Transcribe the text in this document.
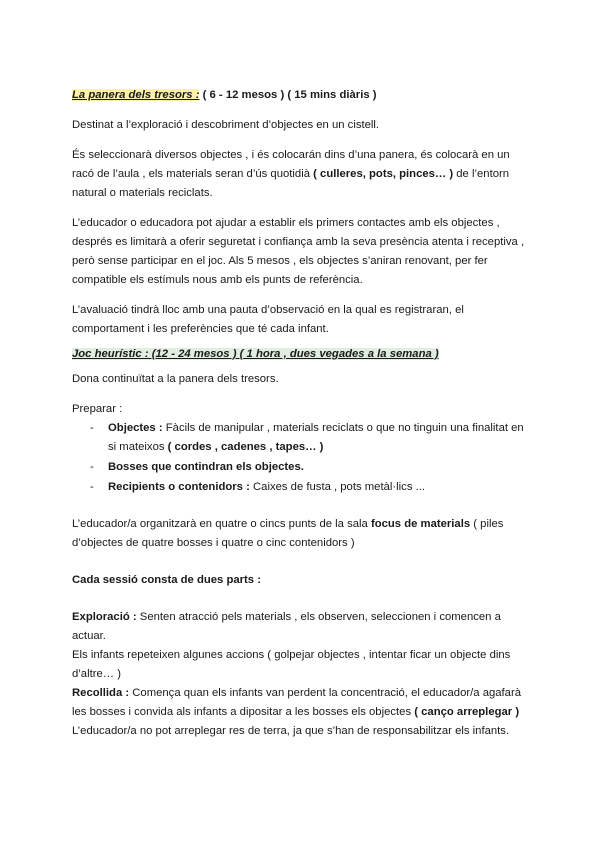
La panera dels tresors : ( 6 - 12 mesos ) ( 15 mins diàris )

Destinat a l’exploració i descobriment d’objectes en un cistell.

És seleccionarà diversos objectes , i és colocarán dins d’una panera, és colocarà en un racó de l’aula , els materials seran d’ús quotidià ( culleres, pots, pinces… ) de l’entorn natural o materials reciclats.

L’educador o educadora pot ajudar a establir els primers contactes amb els objectes , després es limitarà a oferir seguretat i confiança amb la seva presència atenta i receptiva , però sense participar en el joc. Als 5 mesos , els objectes s’aniran renovant, per fer compatible els estímuls nous amb els punts de referència.

L’avaluació tindrà lloc amb una pauta d’observació en la qual es registraran, el comportament i les preferències que té cada infant.

Joc heurístic : (12 - 24 mesos ) ( 1 hora , dues vegades a la semana )

Dona continuïtat a la panera dels tresors.

Preparar :

- Objectes : Fàcils de manipular , materials reciclats o que no tinguin una finalitat en si mateixos ( cordes , cadenes , tapes… )
- Bosses que contindran els objectes.
- Recipients o contenidors : Caixes de fusta , pots metàl·lics ...

L’educador/a organitzarà en quatre o cincs punts de la sala focus de materials ( piles d’objectes de quatre bosses i quatre o cinc contenidors )

Cada sessió consta de dues parts :

Exploració : Senten atracció pels materials , els observen, seleccionen i comencen a actuar.

Els infants repeteixen algunes accions ( golpejar objectes , intentar ficar un objecte dins d’altre… )

Recollida : Comença quan els infants van perdent la concentració, el educador/a agafarà les bosses i convida als infants a dipositar a les bosses els objectes ( canço arreplegar )

L’educador/a no pot arreplegar res de terra, ja que s’han de responsabilitzar els infants.
